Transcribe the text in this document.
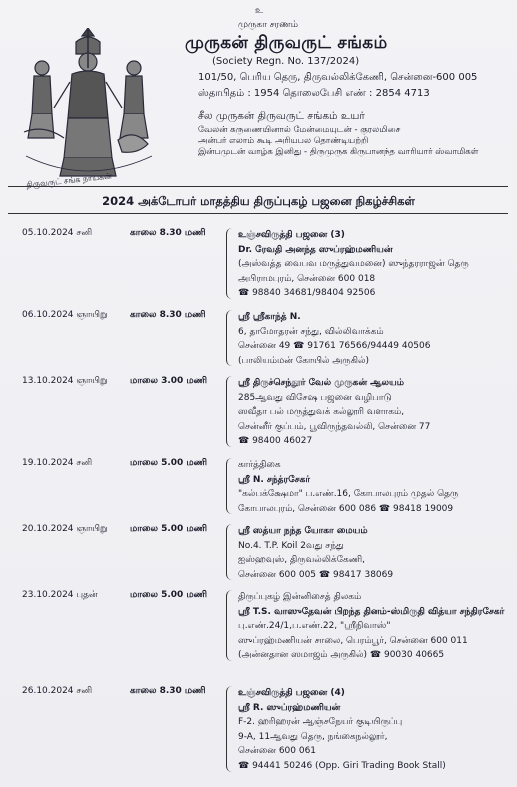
திருவருட் சங்க நாயகன்
உ
முருகா சரணம்
முருகன் திருவருட் சங்கம்
(Society Regn. No. 137/2024)
101/50, பெரிய தெரு, திருவல்லிக்கேணி, சென்னை-600 005
ஸ்தாபிதம் : 1954 தொலைபேசி எண் : 2854 4713
சீல முருகன் திருவருட் சங்கம் உயர்
வேலன் கருணையினால் மேன்மையுடன் - குரலமிசை
அன்பர் எலாம் கூடி அரியபல தொண்டியற்றி
இன்பமுடன் வாழ்க இனிது - திருமுருக கிருபானந்த வாரியார் ஸ்வாமிகள்
2024 அக்டோபர் மாதத்திய திருப்புகழ் பஜனை நிகழ்ச்சிகள்
05.10.2024 சனி	காலை 8.30 மணி	உஞ்சவிருத்தி பஜனை (3)
Dr. ரேவதி அனந்த ஸுப்ரஹ்மணியன்
(அஸ்வத்த வைபவ மருத்துவமனை) ஸுந்தரராஜன் தெரு
அபிராமபுரம், சென்னை 600 018
☎ 98840 34681/98404 92506
06.10.2024 ஞாயிறு காலை 8.30 மணி	ஸ்ரீ ஸ்ரீகாந்த் N.
6, தாமோதரன் சந்து, வில்லிவாக்கம்
சென்னை 49 ☎ 91761 76566/94449 40506
(பாலியம்மன் கோயில் அருகில்)
13.10.2024 ஞாயிறு மாலை 3.00 மணி	ஸ்ரீ திருச்செந்தூர் வேல் முருகன் ஆலயம்
285ஆவது விசேஷ பஜனை வழிபாடு
ஸவீதா பல் மருத்துவக் கல்லூரி வளாகம்,
சென்னீர் குப்பம், பூவிருந்தவல்லி, சென்னை 77
☎ 98400 46027
19.10.2024 சனி	மாலை 5.00 மணி	கார்த்திகை
ஸ்ரீ N. சந்த்ரசேகர்
"கல்பக்க்ஷேமா" ப.எண்.16, கோபாலபுரம் முதல் தெரு
கோபாலபுரம், சென்னை 600 086 ☎ 98418 19009
20.10.2024 ஞாயிறு மாலை 5.00 மணி	ஸ்ரீ ஸத்யா நந்த யோகா மையம்
No.4. T.P. Koil 2வது சந்து
ஐஸ்ஹவுஸ், திருவல்லிக்கேணி,
சென்னை 600 005 ☎ 98417 38069
23.10.2024 புதன்	மாலை 5.00 மணி	திருப்புகழ் இன்னிசைத் திலகம்
ஸ்ரீ T.S. வாஸுதேவன் பிறந்த தினம்-ஸ்மிருதி வித்யா சந்திரசேகர்
பு.எண்.24/1,ப.எண்.22, "ஸ்ரீநிவாஸ்"
ஸுப்ரஹ்மணியன் சாலை, பெரம்பூர், சென்னை 600 011
(அன்னதான ஸமாஜம் அருகில்) ☎ 90030 40665
26.10.2024 சனி	காலை 8.30 மணி	உஞ்சவிருத்தி பஜனை (4)
ஸ்ரீ R. ஸுப்ரஹ்மணியன்
F-2. ஹரிஹரன் ஆஞ்சநேயர் குடியிருப்பு
9-A, 11ஆவது தெரு, நங்கைநல்லூர்,
சென்னை 600 061
☎ 94441 50246 (Opp. Giri Trading Book Stall)
